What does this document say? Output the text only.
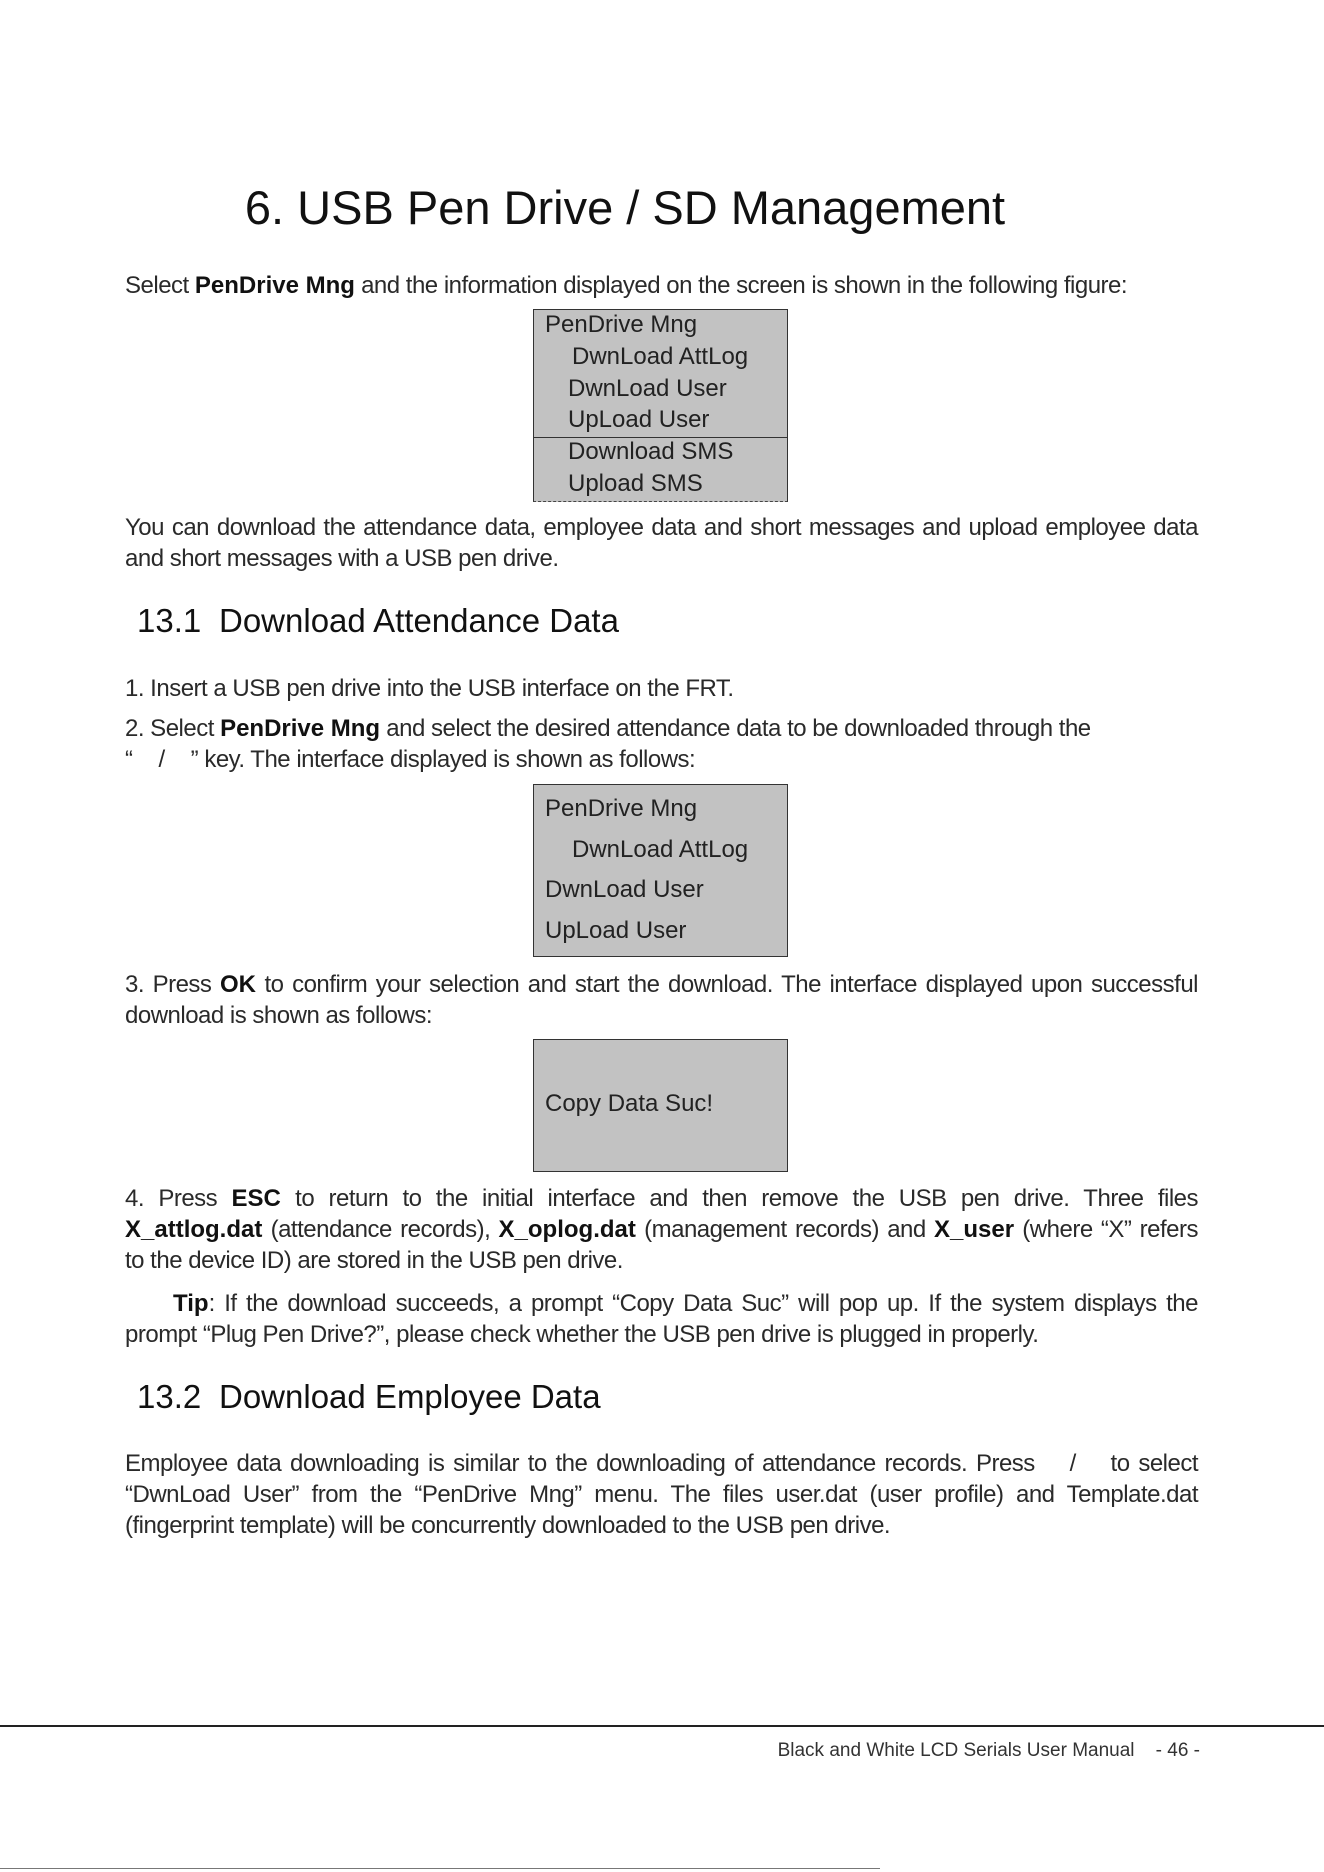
6. USB Pen Drive / SD Management
Select PenDrive Mng and the information displayed on the screen is shown in the following figure:
PenDrive Mng
DwnLoad AttLog
DwnLoad User
UpLoad User
Download SMS
Upload SMS
You can download the attendance data, employee data and short messages and upload employee data and short messages with a USB pen drive.
13.1 Download Attendance Data
1. Insert a USB pen drive into the USB interface on the FRT.
2. Select PenDrive Mng and select the desired attendance data to be downloaded through the
“ / ” key. The interface displayed is shown as follows:
PenDrive Mng
DwnLoad AttLog
DwnLoad User
UpLoad User
3. Press OK to confirm your selection and start the download. The interface displayed upon successful download is shown as follows:
Copy Data Suc!
4. Press ESC to return to the initial interface and then remove the USB pen drive. Three files X_attlog.dat (attendance records), X_oplog.dat (management records) and X_user (where “X” refers to the device ID) are stored in the USB pen drive.
Tip: If the download succeeds, a prompt “Copy Data Suc” will pop up. If the system displays the prompt “Plug Pen Drive?”, please check whether the USB pen drive is plugged in properly.
13.2 Download Employee Data
Employee data downloading is similar to the downloading of attendance records. Press / to select “DwnLoad User” from the “PenDrive Mng” menu. The files user.dat (user profile) and Template.dat (fingerprint template) will be concurrently downloaded to the USB pen drive.
Black and White LCD Serials User Manual - 46 -
